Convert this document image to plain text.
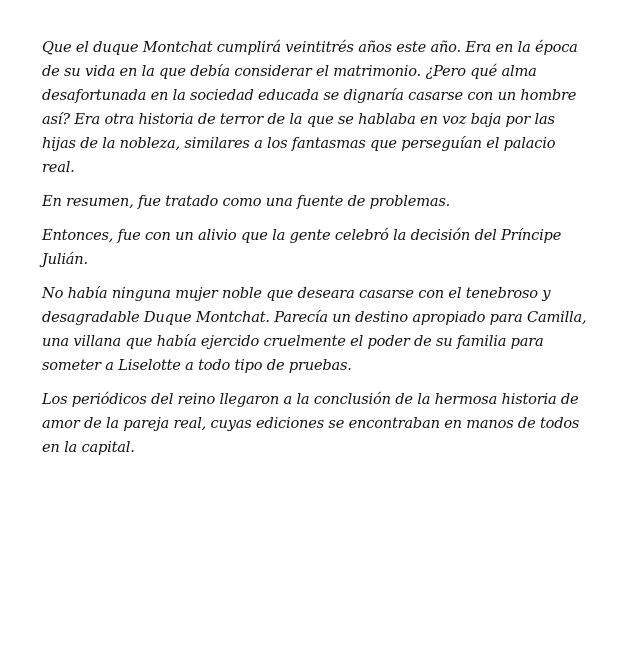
Que el duque Montchat cumplirá veintitrés años este año. Era en la época de su vida en la que debía considerar el matrimonio. ¿Pero qué alma desafortunada en la sociedad educada se dignaría casarse con un hombre así? Era otra historia de terror de la que se hablaba en voz baja por las hijas de la nobleza, similares a los fantasmas que perseguían el palacio real.

En resumen, fue tratado como una fuente de problemas.

Entonces, fue con un alivio que la gente celebró la decisión del Príncipe Julián.

No había ninguna mujer noble que deseara casarse con el tenebroso y desagradable Duque Montchat. Parecía un destino apropiado para Camilla, una villana que había ejercido cruelmente el poder de su familia para someter a Liselotte a todo tipo de pruebas.

Los periódicos del reino llegaron a la conclusión de la hermosa historia de amor de la pareja real, cuyas ediciones se encontraban en manos de todos en la capital.
